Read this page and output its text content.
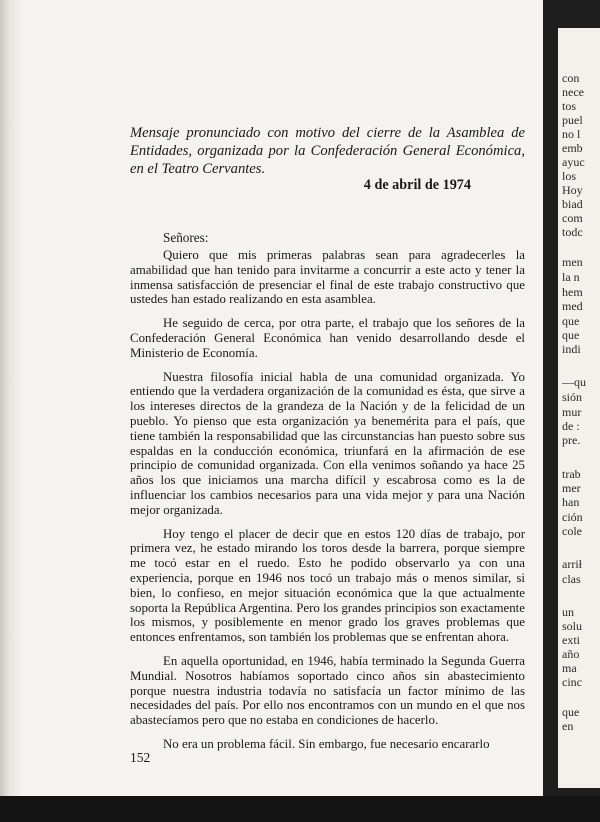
Mensaje pronunciado con motivo del cierre de la Asamblea de Entidades, organizada por la Confederación General Económica, en el Teatro Cervantes.

4 de abril de 1974

Señores:

Quiero que mis primeras palabras sean para agradecerles la amabilidad que han tenido para invitarme a concurrir a este acto y tener la inmensa satisfacción de presenciar el final de este trabajo constructivo que ustedes han estado realizando en esta asamblea.

He seguido de cerca, por otra parte, el trabajo que los señores de la Confederación General Económica han venido desarrollando desde el Ministerio de Economía.

Nuestra filosofía inicial habla de una comunidad organizada. Yo entiendo que la verdadera organización de la comunidad es ésta, que sirve a los intereses directos de la grandeza de la Nación y de la felicidad de un pueblo. Yo pienso que esta organización ya benemérita para el país, que tiene también la responsabilidad que las circunstancias han puesto sobre sus espaldas en la conducción económica, triunfará en la afirmación de ese principio de comunidad organizada. Con ella venimos soñando ya hace 25 años los que iniciamos una marcha difícil y escabrosa como es la de influenciar los cambios necesarios para una vida mejor y para una Nación mejor organizada.

Hoy tengo el placer de decir que en estos 120 días de trabajo, por primera vez, he estado mirando los toros desde la barrera, porque siempre me tocó estar en el ruedo. Esto he podido observarlo ya con una experiencia, porque en 1946 nos tocó un trabajo más o menos similar, si bien, lo confieso, en mejor situación económica que la que actualmente soporta la República Argentina. Pero los grandes principios son exactamente los mismos, y posiblemente en menor grado los graves problemas que entonces enfrentamos, son también los problemas que se enfrentan ahora.

En aquella oportunidad, en 1946, había terminado la Segunda Guerra Mundial. Nosotros habíamos soportado cinco años sin abastecimiento porque nuestra industria todavía no satisfacía un factor mínimo de las necesidades del país. Por ello nos encontramos con un mundo en el que nos abastecíamos pero que no estaba en condiciones de hacerlo.

No era un problema fácil. Sin embargo, fue necesario encararlo

152

con
nece
tos
puel
no l
emb
ayuc
los
Hoy
biad
com
todc
men
la n
hem
med
que
que
indi
—qu
sión
mur
de :
pre.
trab
mer
han
ción
cole
arrił
clas
un
solu
exti
año
ma
cinc
que
en
